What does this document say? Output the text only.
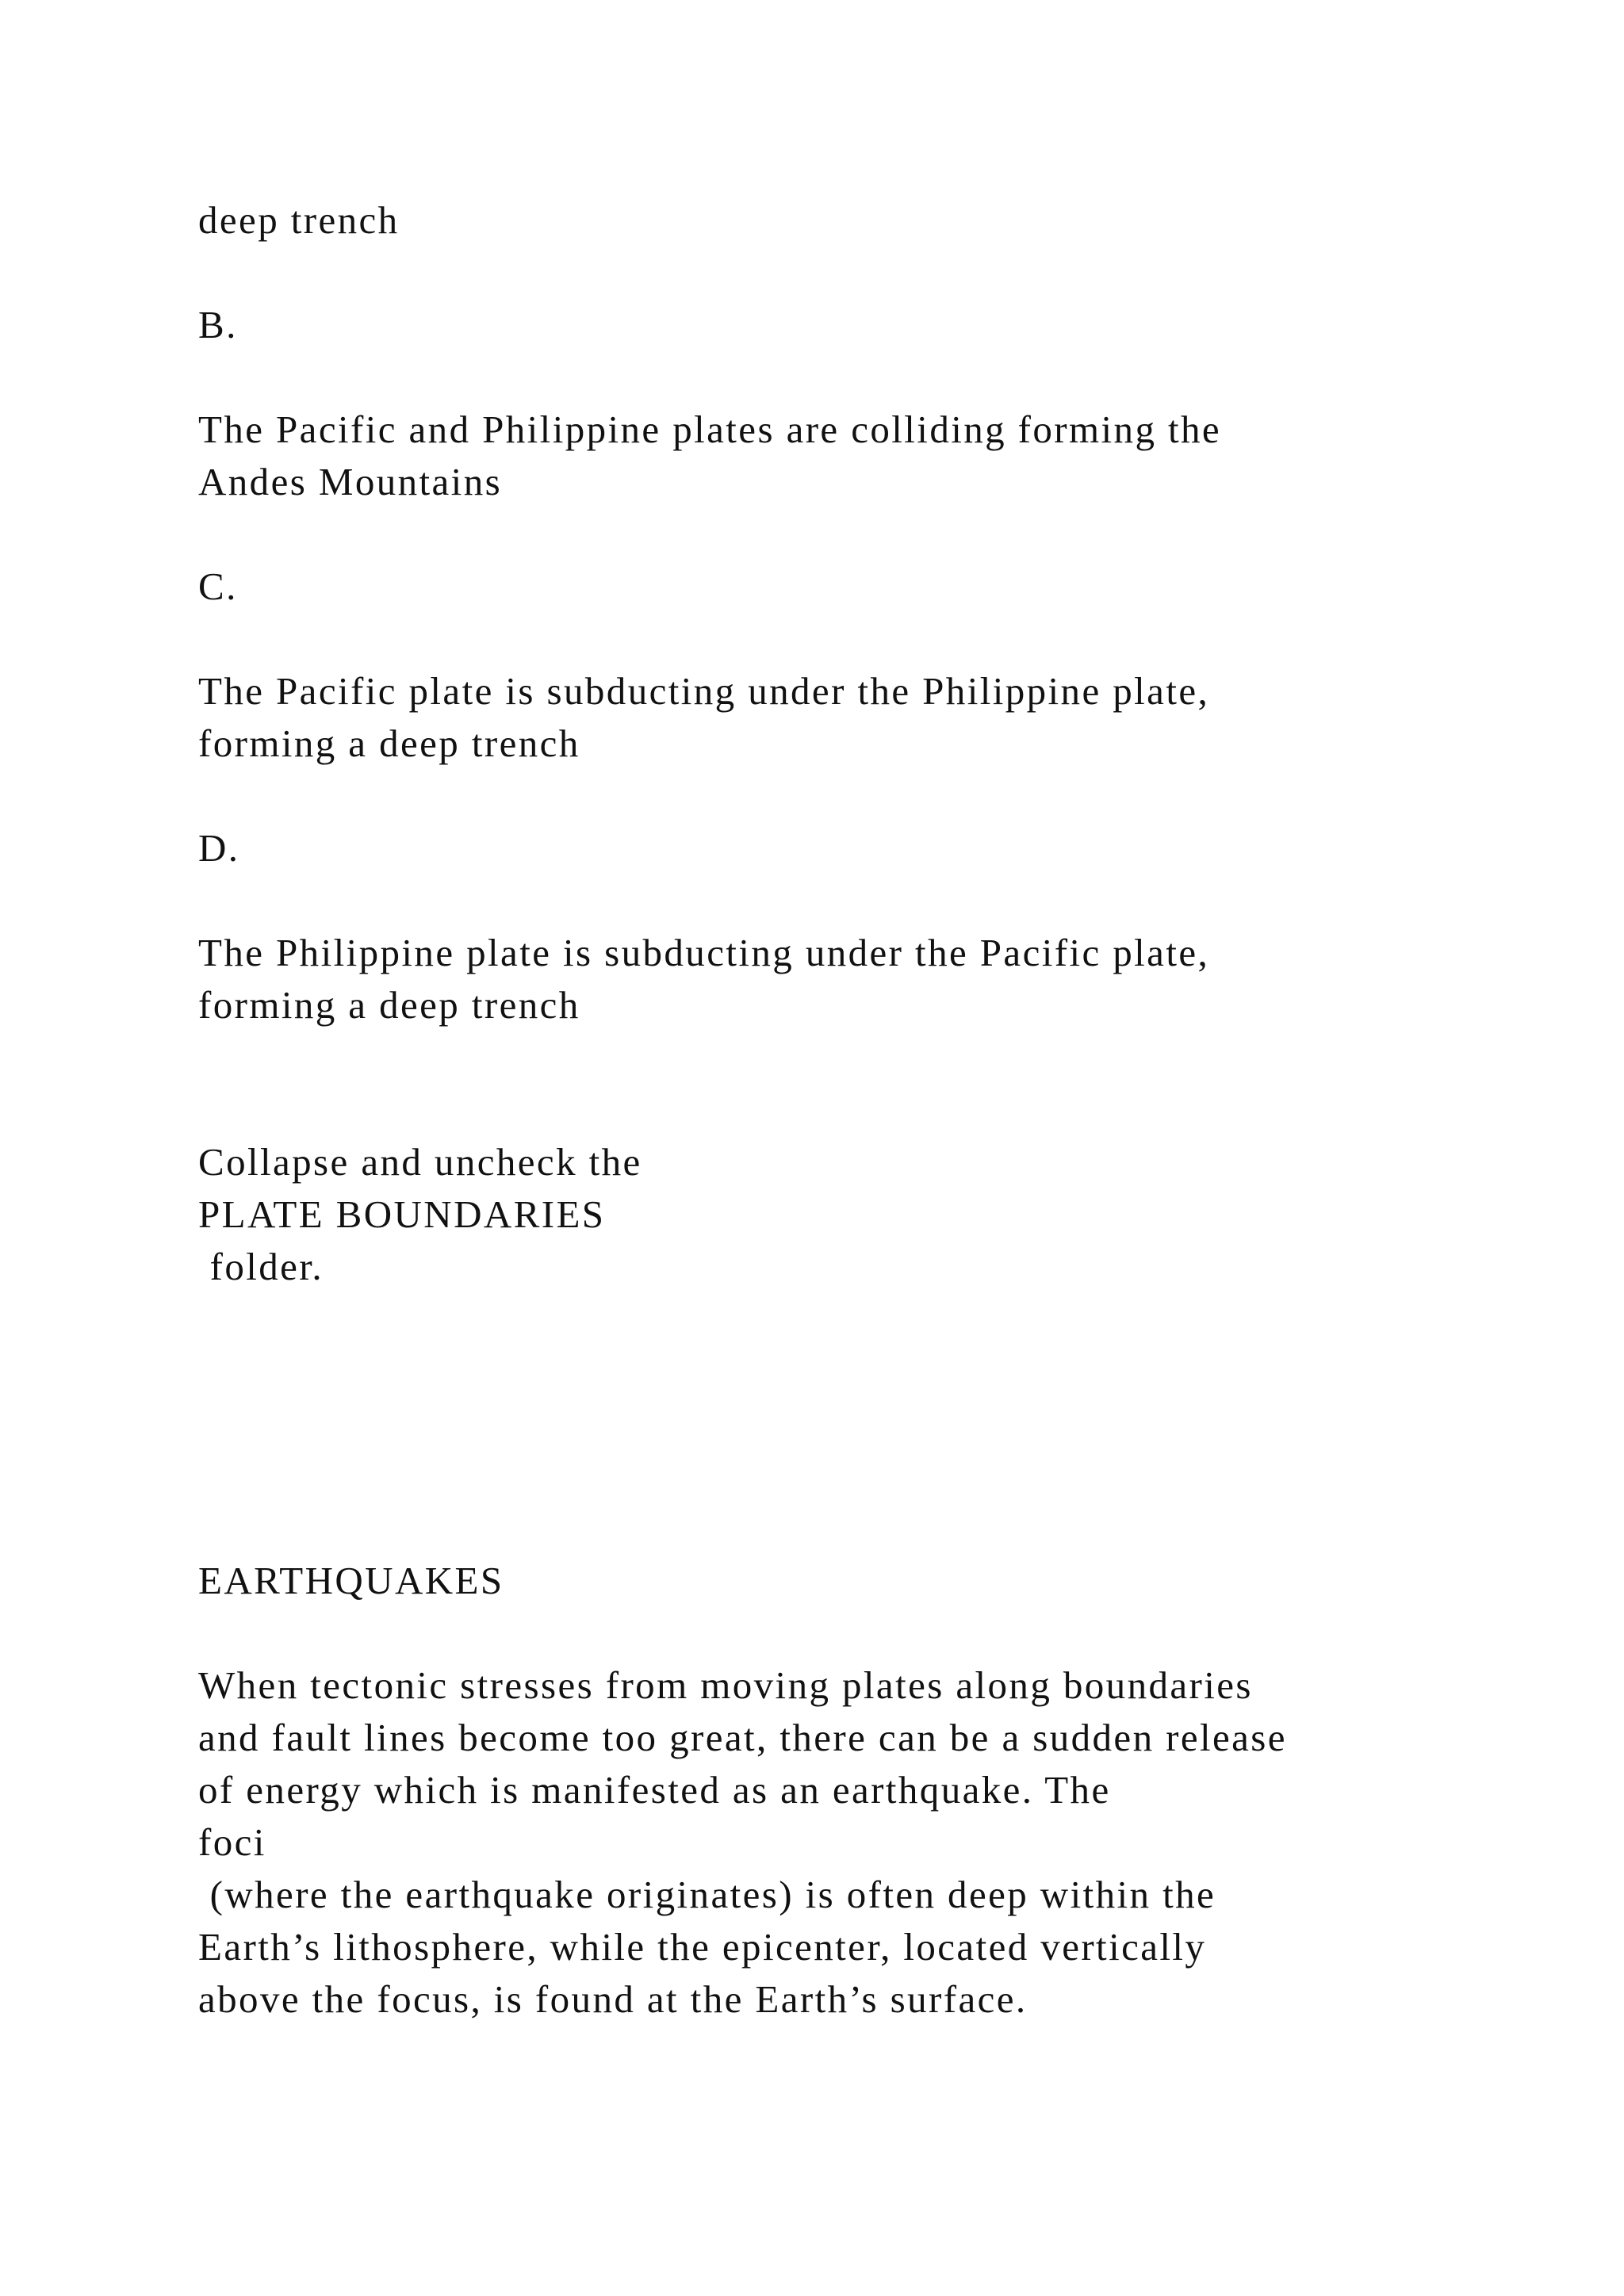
deep trench

B.

The Pacific and Philippine plates are colliding forming the

Andes Mountains

C.

The Pacific plate is subducting under the Philippine plate,

forming a deep trench

D.

The Philippine plate is subducting under the Pacific plate,

forming a deep trench

Collapse and uncheck the

PLATE BOUNDARIES

folder.

EARTHQUAKES

When tectonic stresses from moving plates along boundaries

and fault lines become too great, there can be a sudden release

of energy which is manifested as an earthquake. The

foci

(where the earthquake originates) is often deep within the

Earth’s lithosphere, while the epicenter, located vertically

above the focus, is found at the Earth’s surface.
